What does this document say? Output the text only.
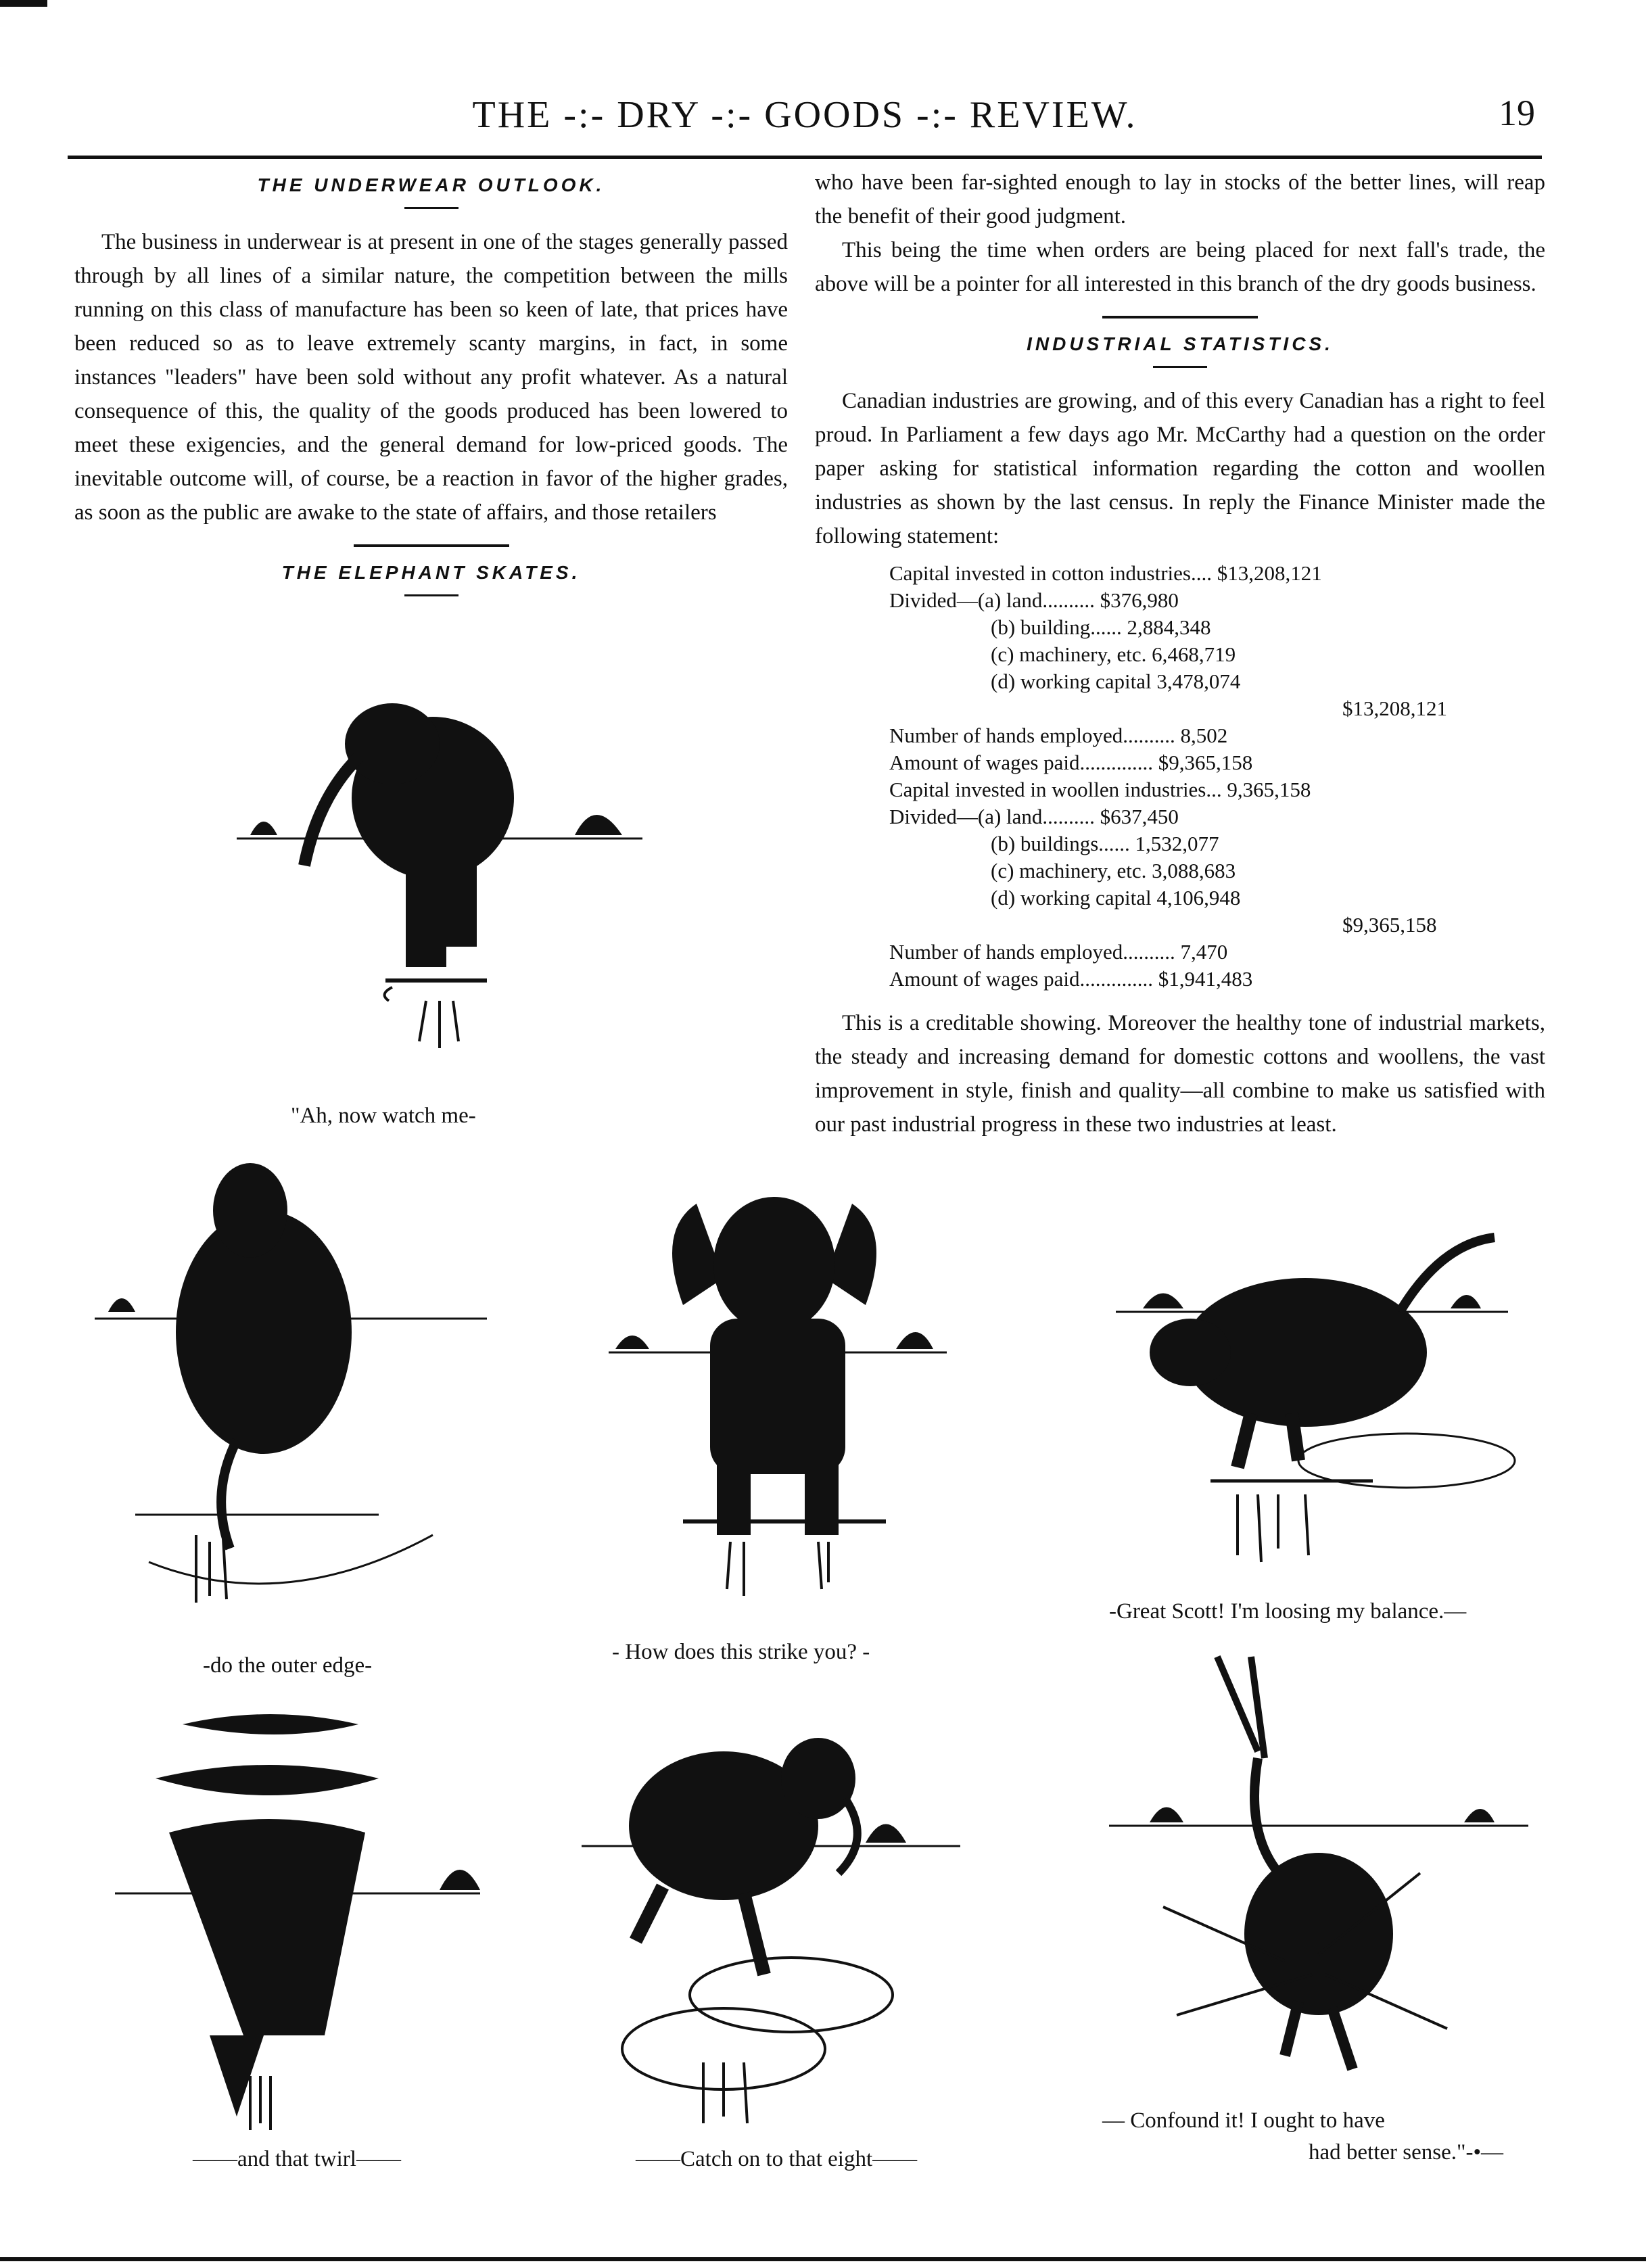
THE -:- DRY -:- GOODS -:- REVIEW.	19
THE UNDERWEAR OUTLOOK.

The business in underwear is at present in one of the stages generally passed through by all lines of a similar nature, the competition between the mills running on this class of manufacture has been so keen of late, that prices have been reduced so as to leave extremely scanty margins, in fact, in some instances "leaders" have been sold without any profit whatever. As a natural consequence of this, the quality of the goods produced has been lowered to meet these exigencies, and the general demand for low-priced goods. The inevitable outcome will, of course, be a reaction in favor of the higher grades, as soon as the public are awake to the state of affairs, and those retailers

THE ELEPHANT SKATES.

who have been far-sighted enough to lay in stocks of the better lines, will reap the benefit of their good judgment.

This being the time when orders are being placed for next fall's trade, the above will be a pointer for all interested in this branch of the dry goods business.

INDUSTRIAL STATISTICS.

Canadian industries are growing, and of this every Canadian has a right to feel proud. In Parliament a few days ago Mr. McCarthy had a question on the order paper asking for statistical information regarding the cotton and woollen industries as shown by the last census. In reply the Finance Minister made the following statement:

Capital invested in cotton industries.... $13,208,121
Divided—(a) land.......... $376,980
(b) building...... 2,884,348
(c) machinery, etc. 6,468,719
(d) working capital 3,478,074
$13,208,121
Number of hands employed.......... 8,502
Amount of wages paid.............. $9,365,158
Capital invested in woollen industries... 9,365,158
Divided—(a) land.......... $637,450
(b) buildings...... 1,532,077
(c) machinery, etc. 3,088,683
(d) working capital 4,106,948
$9,365,158
Number of hands employed.......... 7,470
Amount of wages paid.............. $1,941,483

This is a creditable showing. Moreover the healthy tone of industrial markets, the steady and increasing demand for domestic cottons and woollens, the vast improvement in style, finish and quality—all combine to make us satisfied with our past industrial progress in these two industries at least.

"Ah, now watch me-
-do the outer edge-
- How does this strike you? -
-Great Scott! I'm loosing my balance.—
——and that twirl——	——Catch on to that eight——
— Confound it! I ought to have
had better sense."-•—
